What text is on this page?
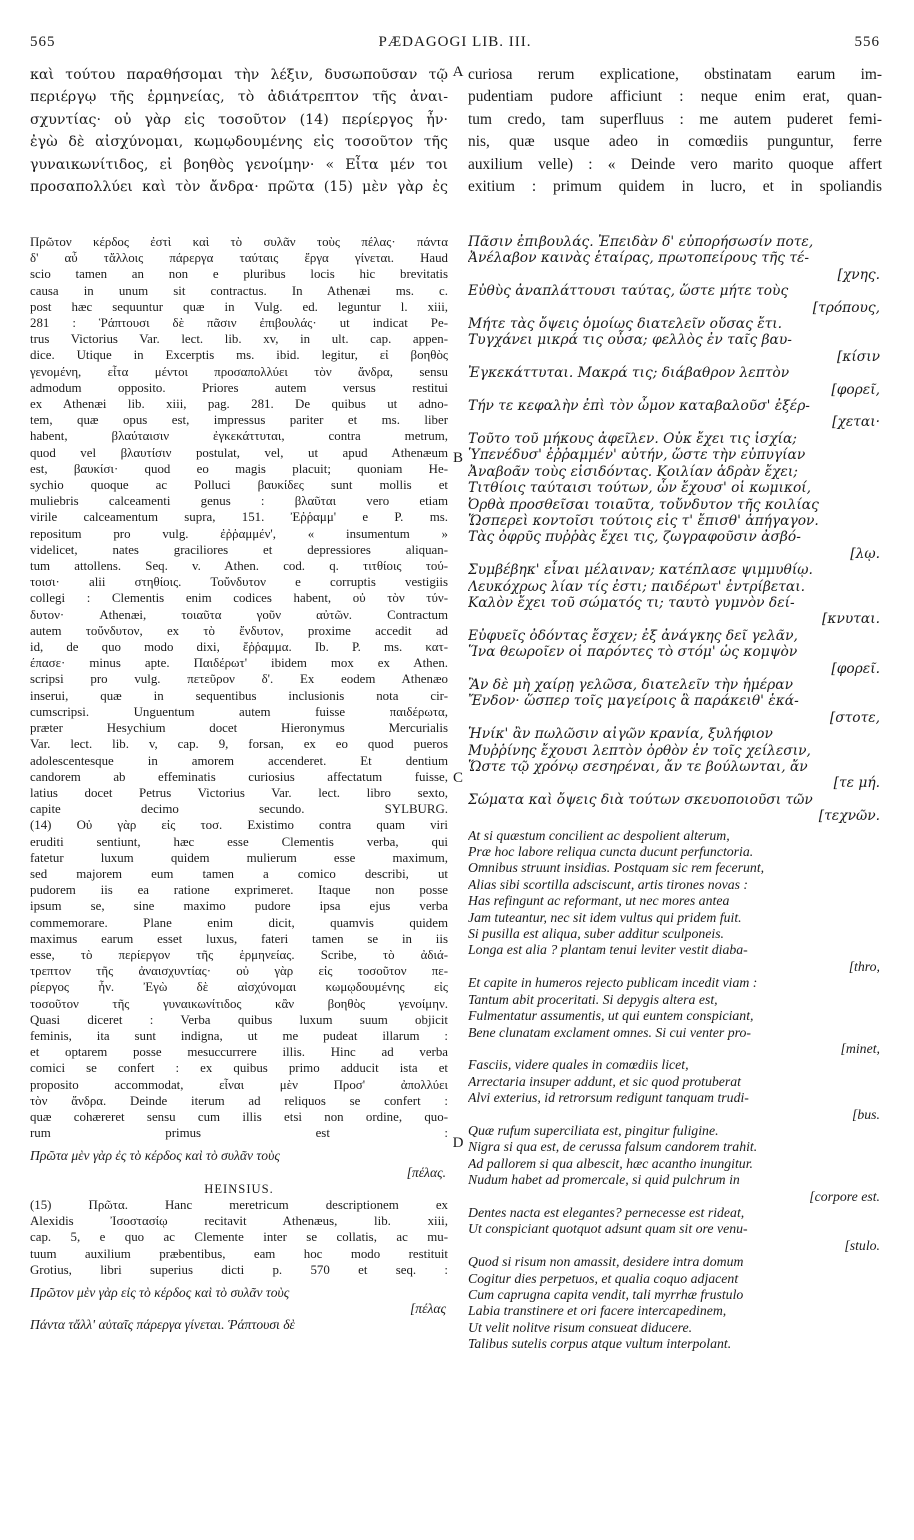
565	PÆDAGOGI LIB. III.	556
καὶ τούτου παραθήσομαι τὴν λέξιν, δυσωποῦσαν τῷ
περιέργῳ τῆς ἑρμηνείας, τὸ ἀδιάτρεπτον τῆς ἀναι-
σχυντίας· οὐ γὰρ εἰς τοσοῦτον (14) περίεργος ἦν·
ἐγὼ δὲ αἰσχύνομαι, κωμῳδουμένης εἰς τοσοῦτον τῆς
γυναικωνίτιδος, εἰ βοηθὸς γενοίμην· « Εἶτα μέν τοι
προσαπολλύει καὶ τὸν ἄνδρα· πρῶτα (15) μὲν γὰρ ἐς
curiosa rerum explicatione, obstinatam earum im-
pudentiam pudore afficiunt : neque enim erat, quan-
tum credo, tam superfluus : me autem puderet femi-
nis, quæ usque adeo in comœdiis punguntur, ferre
auxilium velle) : « Deinde vero marito quoque affert
exitium : primum quidem in lucro, et in spoliandis
A
B
C
D
Πρῶτον κέρδος ἐστὶ καὶ τὸ συλᾶν τοὺς πέλας· πάντα
δ' αὖ τἄλλοις πάρεργα ταύταις ἔργα γίνεται. Haud
scio tamen an non e pluribus locis hic brevitatis
causa in unum sit contractus. In Athenæi ms. c.
post hæc sequuntur quæ in Vulg. ed. leguntur l. xiii,
281 : Ῥάπτουσι δὲ πᾶσιν ἐπιβουλάς· ut indicat Pe-
trus Victorius Var. lect. lib. xv, in ult. cap. appen-
dice. Utique in Excerptis ms. ibid. legitur, εἰ βοηθὸς
γενομένη, εἶτα μέντοι προσαπολλύει τὸν ἄνδρα, sensu
admodum opposito. Priores autem versus restitui
ex Athenæi lib. xiii, pag. 281. De quibus ut adno-
tem, quæ opus est, impressus pariter et ms. liber
habent, βλαύταισιν ἐγκεκάττυται, contra metrum,
quod vel βλαυτίσιν postulat, vel, ut apud Athenæum
est, βαυκίσι· quod eo magis placuit; quoniam He-
sychio quoque ac Polluci βαυκίδες sunt mollis et
muliebris calceamenti genus : βλαῦται vero etiam
virile calceamentum supra, 151. Ἐῤῥαμμ' e P. ms.
repositum pro vulg. ἐῤῥαμμέν', « insumentum »
videlicet, nates graciliores et depressiores aliquan-
tum attollens. Seq. v. Athen. cod. q. τιτθίοις τού-
τοισι· alii στηθίοις. Τοὔνδυτον e corruptis vestigiis
collegi : Clementis enim codices habent, οὐ τὸν τύν-
δυτον· Athenæi, τοιαῦτα γοῦν αὐτῶν. Contractum
autem τοὔνδυτον, ex τὸ ἔνδυτον, proxime accedit ad
id, de quo modo dixi, ἔῤῥαμμα. Ib. P. ms. κατ-
έπασε· minus apte. Παιδέρωτ' ibidem mox ex Athen.
scripsi pro vulg. πετεῦρον δ'. Ex eodem Athenæo
inserui, quæ in sequentibus inclusionis nota cir-
cumscripsi. Unguentum autem fuisse παιδέρωτα,
præter Hesychium docet Hieronymus Mercurialis
Var. lect. lib. v, cap. 9, forsan, ex eo quod pueros
adolescentesque in amorem accenderet. Et dentium
candorem ab effeminatis curiosius affectatum fuisse,
latius docet Petrus Victorius Var. lect. libro sexto,
capite decimo secundo. SYLBURG.
(14) Οὐ γὰρ εἰς τοσ. Existimo contra quam viri
eruditi sentiunt, hæc esse Clementis verba, qui
fatetur luxum quidem mulierum esse maximum,
sed majorem eum tamen a comico describi, ut
pudorem iis ea ratione exprimeret. Itaque non posse
ipsum se, sine maximo pudore ipsa ejus verba
commemorare. Plane enim dicit, quamvis quidem
maximus earum esset luxus, fateri tamen se in iis
esse, τὸ περίεργον τῆς ἑρμηνείας. Scribe, τὸ ἀδιά-
τρεπτον τῆς ἀναισχυντίας· οὐ γὰρ εἰς τοσοῦτον πε-
ρίεργος ἦν. Ἐγὼ δὲ αἰσχύνομαι κωμῳδουμένης εἰς
τοσοῦτον τῆς γυναικωνίτιδος κἂν βοηθὸς γενοίμην.
Quasi diceret : Verba quibus luxum suum objicit
feminis, ita sunt indigna, ut me pudeat illarum :
et optarem posse mesuccurrere illis. Hinc ad verba
comici se confert : ex quibus primo adducit ista et
proposito accommodat, εἶναι μὲν Προσ' ἀπολλύει
τὸν ἄνδρα. Deinde iterum ad reliquos se confert :
quæ cohæreret sensu cum illis etsi non ordine, quo-
rum primus est :
Πρῶτα μὲν γὰρ ἐς τὸ κέρδος καὶ τὸ συλᾶν τοὺς
[πέλας.
HEINSIUS.
(15) Πρῶτα. Hanc meretricum descriptionem ex
Alexidis Ἰσοστασίῳ recitavit Athenæus, lib. xiii,
cap. 5, e quo ac Clemente inter se collatis, ac mu-
tuum auxilium præbentibus, eam hoc modo restituit
Grotius, libri superius dicti p. 570 et seq. :
Πρῶτον μὲν γὰρ εἰς τὸ κέρδος καὶ τὸ συλᾶν τοὺς
[πέλας
Πάντα τἄλλ' αὐταῖς πάρεργα γίνεται. Ῥάπτουσι δὲ
Πᾶσιν ἐπιβουλάς. Ἐπειδὰν δ' εὐπορήσωσίν ποτε,
Ἀνέλαβον καινὰς ἑταίρας, πρωτοπείρους τῆς τέ-
[χνης.
Εὐθὺς ἀναπλάττουσι ταύτας, ὥστε μήτε τοὺς
[τρόπους,
Μήτε τὰς ὄψεις ὁμοίως διατελεῖν οὔσας ἔτι.
Τυγχάνει μικρά τις οὖσα; φελλὸς ἐν ταῖς βαυ-
[κίσιν
Ἐγκεκάττυται. Μακρά τις; διάβαθρον λεπτὸν
[φορεῖ,
Τήν τε κεφαλὴν ἐπὶ τὸν ὦμον καταβαλοῦσ' ἐξέρ-
[χεται·
Τοῦτο τοῦ μήκους ἀφεῖλεν. Οὐκ ἔχει τις ἰσχία;
Ὑπενέδυσ' ἐῤῥαμμέν' αὐτήν, ὥστε τὴν εὐπυγίαν
Ἀναβοᾶν τοὺς εἰσιδόντας. Κοιλίαν ἁδρὰν ἔχει;
Τιτθίοις ταύταισι τούτων, ὧν ἔχουσ' οἱ κωμικοί,
Ὀρθὰ προσθεῖσαι τοιαῦτα, τοὔνδυτον τῆς κοιλίας
Ὥσπερεὶ κοντοῖσι τούτοις εἰς τ' ἔπισθ' ἀπήγαγον.
Τὰς ὀφρῦς πυῤῥὰς ἔχει τις, ζωγραφοῦσιν ἀσβό-
[λῳ.
Συμβέβηκ' εἶναι μέλαιναν; κατέπλασε ψιμμυθίῳ.
Λευκόχρως λίαν τίς ἐστι; παιδέρωτ' ἐντρίβεται.
Καλὸν ἔχει τοῦ σώματός τι; ταυτὸ γυμνὸν δεί-
[κνυται.
Εὐφυεῖς ὀδόντας ἔσχεν; ἐξ ἀνάγκης δεῖ γελᾶν,
Ἵνα θεωροῖεν οἱ παρόντες τὸ στόμ' ὡς κομψὸν
[φορεῖ.
Ἂν δὲ μὴ χαίρῃ γελῶσα, διατελεῖν τὴν ἡμέραν
Ἔνδον· ὥσπερ τοῖς μαγείροις ἃ παράκειθ' ἑκά-
[στοτε,
Ἡνίκ' ἂν πωλῶσιν αἰγῶν κρανία, ξυλήφιον
Μυῤῥίνης ἔχουσι λεπτὸν ὀρθὸν ἐν τοῖς χείλεσιν,
Ὥστε τῷ χρόνῳ σεσηρέναι, ἄν τε βούλωνται, ἄν
[τε μή.
Σώματα καὶ ὄψεις διὰ τούτων σκευοποιοῦσι τῶν
[τεχνῶν.
At si quæstum concilient ac despolient alterum,
Præ hoc labore reliqua cuncta ducunt perfunctoria.
Omnibus struunt insidias. Postquam sic rem fecerunt,
Alias sibi scortilla adsciscunt, artis tirones novas :
Has refingunt ac reformant, ut nec mores antea
Jam tuteantur, nec sit idem vultus qui pridem fuit.
Si pusilla est aliqua, suber additur sculponeis.
Longa est alia ? plantam tenui leviter vestit diaba-
[thro,
Et capite in humeros rejecto publicam incedit viam :
Tantum abit proceritati. Si depygis altera est,
Fulmentatur assumentis, ut qui euntem conspiciant,
Bene clunatam exclament omnes. Si cui venter pro-
[minet,
Fasciis, videre quales in comœdiis licet,
Arrectaria insuper addunt, et sic quod protuberat
Alvi exterius, id retrorsum redigunt tanquam trudi-
[bus.
Quæ rufum superciliata est, pingitur fuligine.
Nigra si qua est, de cerussa falsum candorem trahit.
Ad pallorem si qua albescit, hæc acantho inungitur.
Nudum habet ad promercale, si quid pulchrum in
[corpore est.
Dentes nacta est elegantes? pernecesse est rideat,
Ut conspiciant quotquot adsunt quam sit ore venu-
[stulo.
Quod si risum non amassit, desidere intra domum
Cogitur dies perpetuos, et qualia coquo adjacent
Cum caprugna capita vendit, tali myrrhæ frustulo
Labia transtinere et ori facere intercapedinem,
Ut velit nolitve risum consueat diducere.
Talibus sutelis corpus atque vultum interpolant.
